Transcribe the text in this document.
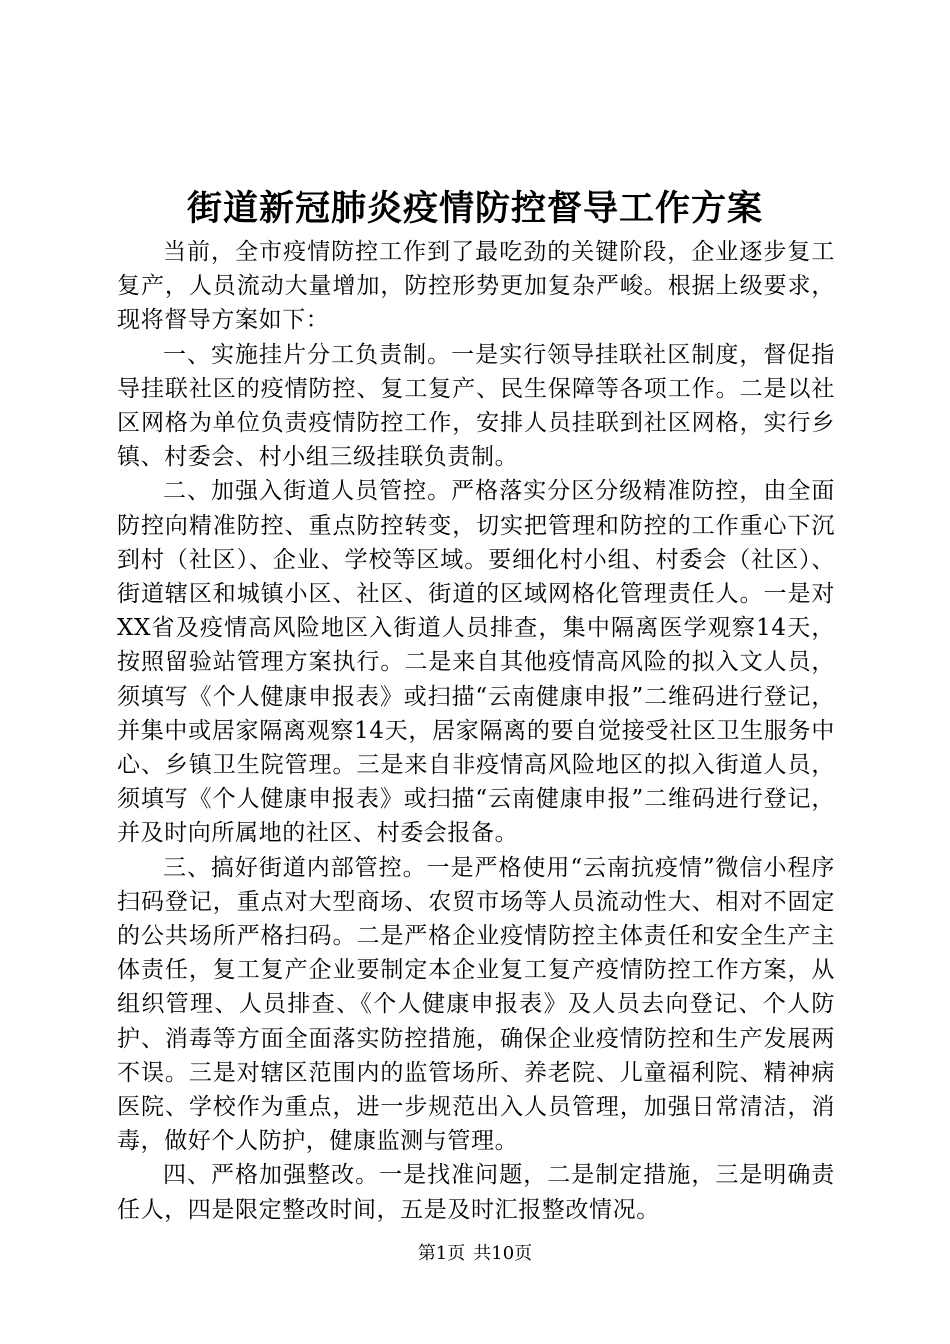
街道新冠肺炎疫情防控督导工作方案

当前，全市疫情防控工作到了最吃劲的关键阶段，企业逐步复工复产，人员流动大量增加，防控形势更加复杂严峻。根据上级要求，现将督导方案如下：

一、实施挂片分工负责制。一是实行领导挂联社区制度，督促指导挂联社区的疫情防控、复工复产、民生保障等各项工作。二是以社区网格为单位负责疫情防控工作，安排人员挂联到社区网格，实行乡镇、村委会、村小组三级挂联负责制。

二、加强入街道人员管控。严格落实分区分级精准防控，由全面防控向精准防控、重点防控转变，切实把管理和防控的工作重心下沉到村（社区）、企业、学校等区域。要细化村小组、村委会（社区）、街道辖区和城镇小区、社区、街道的区域网格化管理责任人。一是对XX省及疫情高风险地区入街道人员排查，集中隔离医学观察14天，按照留验站管理方案执行。二是来自其他疫情高风险的拟入文人员，须填写《个人健康申报表》或扫描“云南健康申报”二维码进行登记，并集中或居家隔离观察14天，居家隔离的要自觉接受社区卫生服务中心、乡镇卫生院管理。三是来自非疫情高风险地区的拟入街道人员，须填写《个人健康申报表》或扫描“云南健康申报”二维码进行登记，并及时向所属地的社区、村委会报备。

三、搞好街道内部管控。一是严格使用“云南抗疫情”微信小程序扫码登记，重点对大型商场、农贸市场等人员流动性大、相对不固定的公共场所严格扫码。二是严格企业疫情防控主体责任和安全生产主体责任，复工复产企业要制定本企业复工复产疫情防控工作方案，从组织管理、人员排查、《个人健康申报表》及人员去向登记、个人防护、消毒等方面全面落实防控措施，确保企业疫情防控和生产发展两不误。三是对辖区范围内的监管场所、养老院、儿童福利院、精神病医院、学校作为重点，进一步规范出入人员管理，加强日常清洁，消毒，做好个人防护，健康监测与管理。

四、严格加强整改。一是找准问题，二是制定措施，三是明确责任人，四是限定整改时间，五是及时汇报整改情况。

第1页 共10页
